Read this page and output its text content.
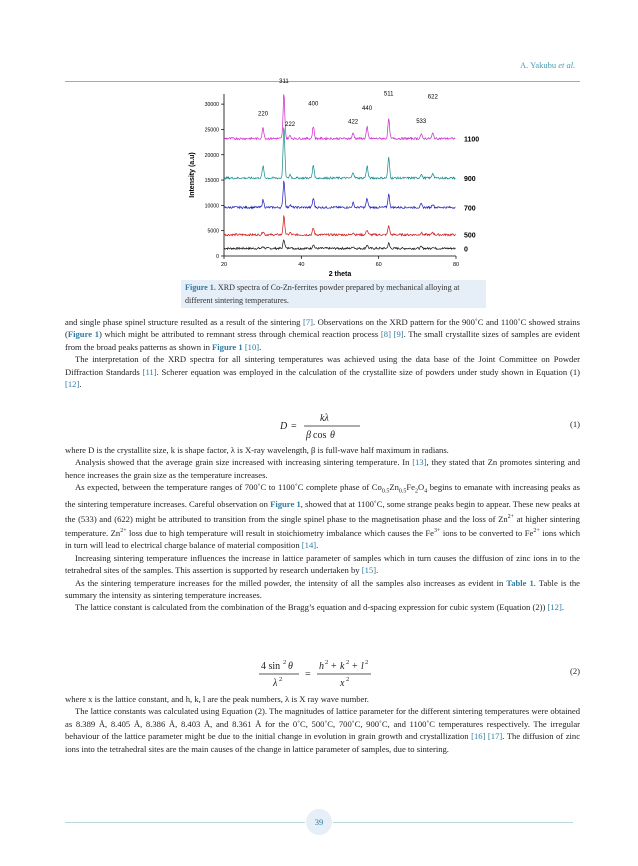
A. Yakubu et al.
20	40	60	80
0
5000
10000
15000
20000
25000
30000
2 theta
Intensity (a.u)
0
500
700
900
1100
220
311
222
400
422
440
511
533
622
Figure 1. XRD spectra of Co-Zn-ferrites powder prepared by mechanical alloying at different sintering temperatures.

and single phase spinel structure resulted as a result of the sintering [7]. Observations on the XRD pattern for the 900˚C and 1100˚C showed strains (Figure 1) which might be attributed to remnant stress through chemical reaction process [8] [9]. The small crystallite sizes of samples are evident from the broad peaks patterns as shown in Figure 1 [10].

The interpretation of the XRD spectra for all sintering temperatures was achieved using the data base of the Joint Committee on Powder Diffraction Standards [11]. Scherer equation was employed in the calculation of the crystallite size of powders under study shown in Equation (1) [12].

D =
kλ
β cos θ
(1)

where D is the crystallite size, k is shape factor, λ is X-ray wavelength, β is full-wave half maximum in radians.

Analysis showed that the average grain size increased with increasing sintering temperature. In [13], they stated that Zn promotes sintering and hence increases the grain size as the temperature increases.

As expected, between the temperature ranges of 700˚C to 1100˚C complete phase of $Co_{0.5}Zn_{0.5}Fe_2O_4$ begins to emanate with increasing peaks as the sintering temperature increases. Careful observation on Figure 1, showed that at 1100˚C, some strange peaks begin to appear. These new peaks at the (533) and (622) might be attributed to transition from the single spinel phase to the magnetisation phase and the loss of $Zn^{2+}$ at higher sintering temperature. $Zn^{2+}$ loss due to high temperature will result in stoichiometry imbalance which causes the $Fe^{3+}$ ions to be converted to $Fe^{2+}$ ions which in turn will lead to electrical charge balance of material composition [14].

Increasing sintering temperature influences the increase in lattice parameter of samples which in turn causes the diffusion of zinc ions in to the tetrahedral sites of the samples. This assertion is supported by research undertaken by [15].

As the sintering temperature increases for the milled powder, the intensity of all the samples also increases as evident in Table 1. Table is the summary the intensity as sintering temperature increases.

The lattice constant is calculated from the combination of the Bragg’s equation and d-spacing expression for cubic system (Equation (2)) [12].

4 sin 2 θ
λ 2 =
h 2 + k 2 + l 2
x 2
(2)

where x is the lattice constant, and h, k, l are the peak numbers, λ is X ray wave number.

The lattice constants was calculated using Equation (2). The magnitudes of lattice parameter for the different sintering temperatures were obtained as 8.389 Å, 8.405 Å, 8.386 Å, 8.403 Å, and 8.361 Å for the 0˚C, 500˚C, 700˚C, 900˚C, and 1100˚C temperatures respectively. The irregular behaviour of the lattice parameter might be due to the initial change in evolution in grain growth and crystallization [16] [17]. The diffusion of zinc ions into the tetrahedral sites are the main causes of the change in lattice parameter of samples, due to sintering.

39
